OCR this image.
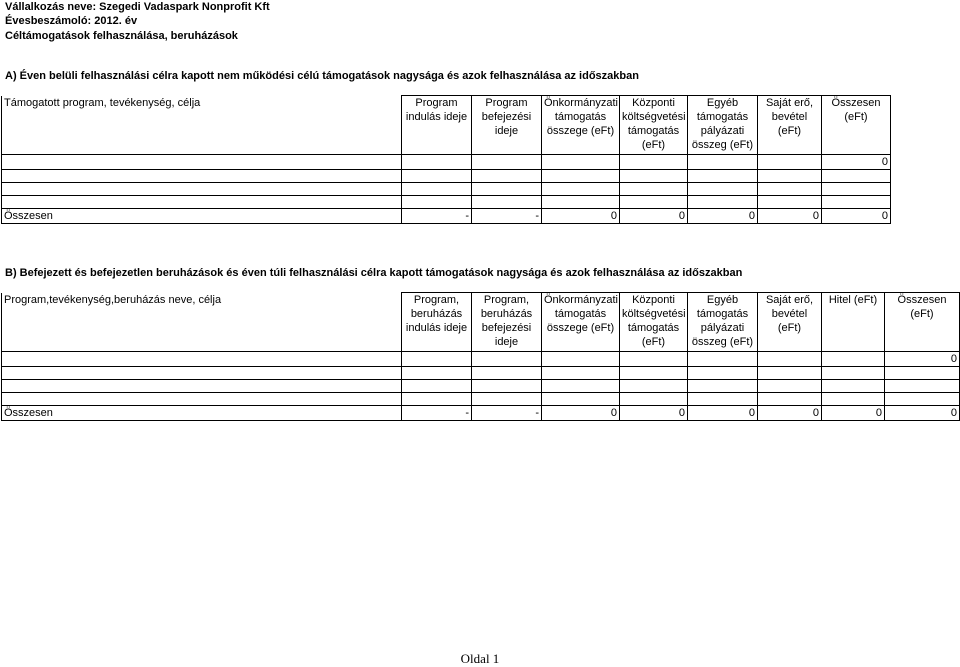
Vállalkozás neve: Szegedi Vadaspark Nonprofit Kft
Évesbeszámoló: 2012. év
Céltámogatások felhasználása, beruházások
A) Éven belüli felhasználási célra kapott nem működési célú támogatások nagysága és azok felhasználása az időszakban
Támogatott program, tevékenység, célja	Program indulás ideje	Program befejezési ideje	Önkormányzati támogatás összege (eFt)	Központi költségvetési támogatás (eFt)	Egyéb támogatás pályázati összeg (eFt)	Saját erő, bevétel (eFt)	Összesen (eFt)
							0

Összesen	-	-	0	0	0	0	0
B) Befejezett és befejezetlen beruházások és éven túli felhasználási célra kapott támogatások nagysága és azok felhasználása az időszakban
Program,tevékenység,beruházás neve, célja	Program, beruházás indulás ideje	Program, beruházás befejezési ideje	Önkormányzati támogatás összege (eFt)	Központi költségvetési támogatás (eFt)	Egyéb támogatás pályázati összeg (eFt)	Saját erő, bevétel (eFt)	Hitel (eFt)	Összesen (eFt)
								0

Összesen	-	-	0	0	0	0	0	0
Oldal 1
